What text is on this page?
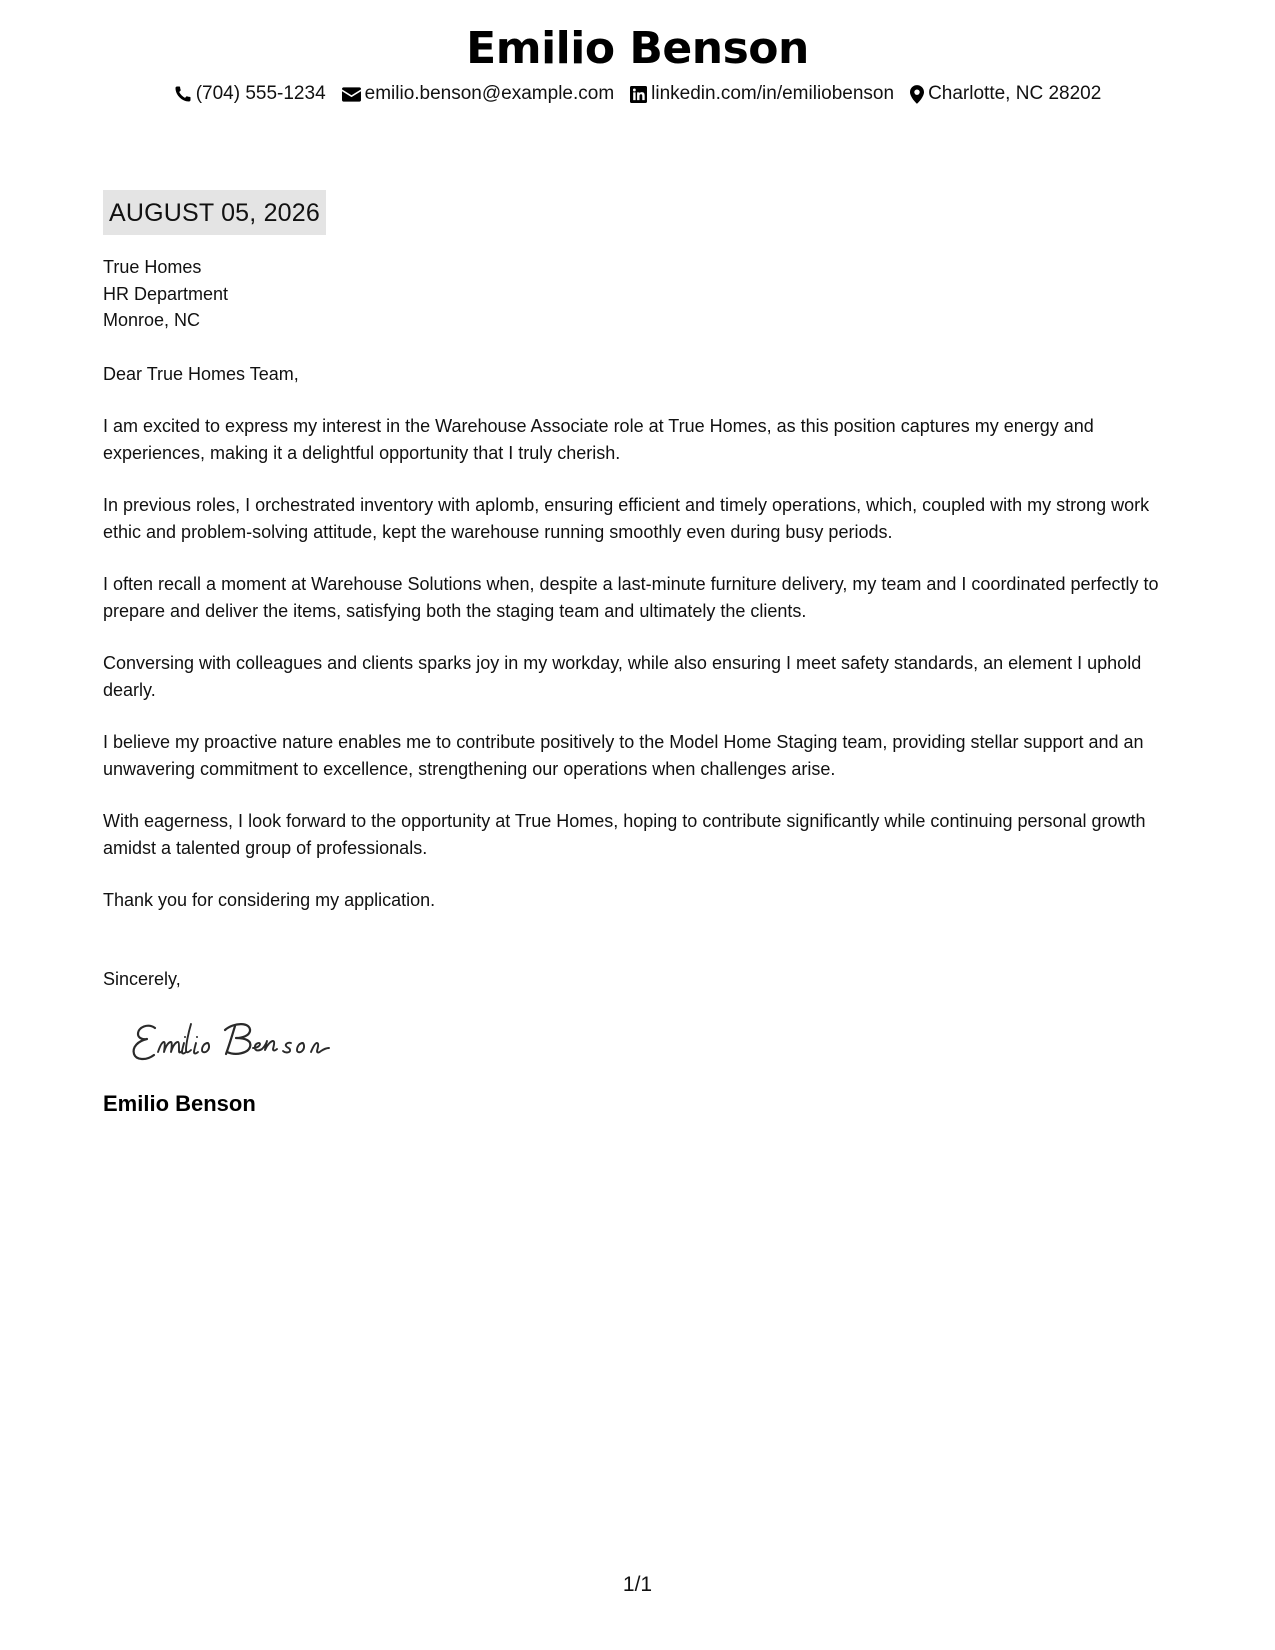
Emilio Benson
(704) 555-1234 emilio.benson@example.com linkedin.com/in/emiliobenson Charlotte, NC 28202
AUGUST 05, 2026
True Homes
HR Department
Monroe, NC
Dear True Homes Team,
I am excited to express my interest in the Warehouse Associate role at True Homes, as this position captures my energy and experiences, making it a delightful opportunity that I truly cherish.
In previous roles, I orchestrated inventory with aplomb, ensuring efficient and timely operations, which, coupled with my strong work ethic and problem-solving attitude, kept the warehouse running smoothly even during busy periods.
I often recall a moment at Warehouse Solutions when, despite a last-minute furniture delivery, my team and I coordinated perfectly to prepare and deliver the items, satisfying both the staging team and ultimately the clients.
Conversing with colleagues and clients sparks joy in my workday, while also ensuring I meet safety standards, an element I uphold dearly.
I believe my proactive nature enables me to contribute positively to the Model Home Staging team, providing stellar support and an unwavering commitment to excellence, strengthening our operations when challenges arise.
With eagerness, I look forward to the opportunity at True Homes, hoping to contribute significantly while continuing personal growth amidst a talented group of professionals.
Thank you for considering my application.
Sincerely,
Emilio Benson
1/1
